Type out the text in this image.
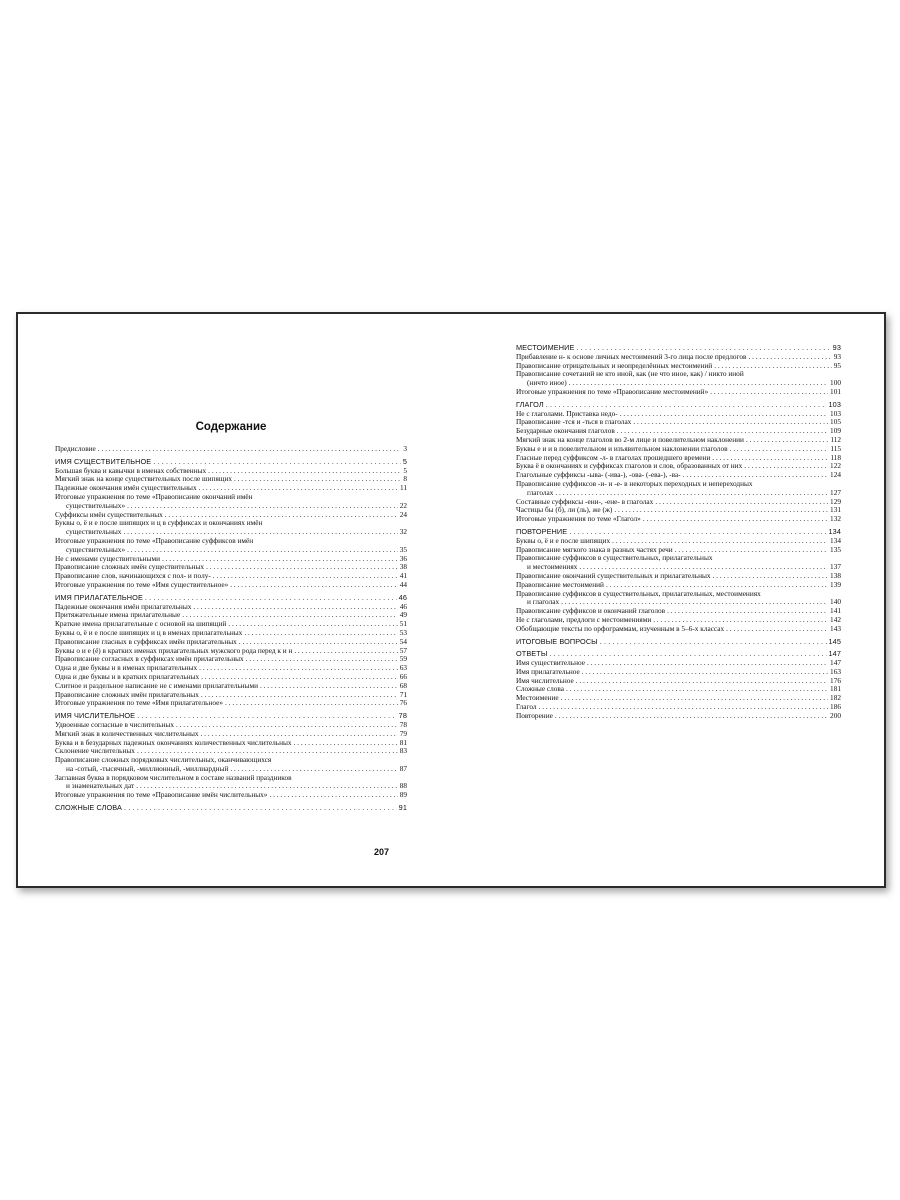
Содержание
Предисловие . . .	3
ИМЯ СУЩЕСТВИТЕЛЬНОЕ . . .	5
Большая буква и кавычки в именах собственных . . .	5
Мягкий знак на конце существительных после шипящих . . .	8
Падежные окончания имён существительных . . .	11
Итоговые упражнения по теме «Правописание окончаний имён
существительных» . . .	22
Суффиксы имён существительных . . .	24
Буквы о, ё и е после шипящих и ц в суффиксах и окончаниях имён
существительных . . .	32
Итоговые упражнения по теме «Правописание суффиксов имён
существительных» . . .	35
Не с именами существительными . . .	36
Правописание сложных имён существительных . . .	38
Правописание слов, начинающихся с пол- и полу- . . .	41
Итоговые упражнения по теме «Имя существительное» . . .	44
ИМЯ ПРИЛАГАТЕЛЬНОЕ . . .	46
Падежные окончания имён прилагательных . . .	46
Притяжательные имена прилагательные . . .	49
Краткие имена прилагательные с основой на шипящий . . .	51
Буквы о, ё и е после шипящих и ц в именах прилагательных . . .	53
Правописание гласных в суффиксах имён прилагательных . . .	54
Буквы о и е (ё) в кратких именах прилагательных мужского рода перед к и н . . .	57
Правописание согласных в суффиксах имён прилагательных . . .	59
Одна и две буквы н в именах прилагательных . . .	63
Одна и две буквы н в кратких прилагательных . . .	66
Слитное и раздельное написание не с именами прилагательными . . .	68
Правописание сложных имён прилагательных . . .	71
Итоговые упражнения по теме «Имя прилагательное» . . .	76
ИМЯ ЧИСЛИТЕЛЬНОЕ . . .	78
Удвоенные согласные в числительных . . .	78
Мягкий знак в количественных числительных . . .	79
Буква и в безударных падежных окончаниях количественных числительных . . .	81
Склонение числительных . . .	83
Правописание сложных порядковых числительных, оканчивающихся
на -сотый, -тысячный, -миллионный, -миллиардный . . .	87
Заглавная буква в порядковом числительном в составе названий праздников
и знаменательных дат . . .	88
Итоговые упражнения по теме «Правописание имён числительных» . . .	89
СЛОЖНЫЕ СЛОВА . . .	91
МЕСТОИМЕНИЕ . . .	93
Прибавление н- к основе личных местоимений 3-го лица после предлогов . . .	93
Правописание отрицательных и неопределённых местоимений . . .	95
Правописание сочетаний не кто иной, как (не что иное, как) / никто иной
(ничто иное) . . .	100
Итоговые упражнения по теме «Правописание местоимений» . . .	101
ГЛАГОЛ . . .	103
Не с глаголами. Приставка недо- . . .	103
Правописание -тся и -ться в глаголах . . .	105
Безударные окончания глаголов . . .	109
Мягкий знак на конце глаголов во 2-м лице и повелительном наклонении . . .	112
Буквы е и и в повелительном и изъявительном наклонении глаголов . . .	115
Гласные перед суффиксом -л- в глаголах прошедшего времени . . .	118
Буква ё в окончаниях и суффиксах глаголов и слов, образованных от них . . .	122
Глагольные суффиксы -ыва- (-ива-), -ова- (-ева-), -ва- . . .	124
Правописание суффиксов -и- и -е- в некоторых переходных и непереходных
глаголах . . .	127
Составные суффиксы -ени-, -ене- в глаголах . . .	129
Частицы бы (б), ли (ль), же (ж) . . .	131
Итоговые упражнения по теме «Глагол» . . .	132
ПОВТОРЕНИЕ . . .	134
Буквы о, ё и е после шипящих . . .	134
Правописание мягкого знака в разных частях речи . . .	135
Правописание суффиксов в существительных, прилагательных
и местоимениях . . .	137
Правописание окончаний существительных и прилагательных . . .	138
Правописание местоимений . . .	139
Правописание суффиксов в существительных, прилагательных, местоимениях
и глаголах . . .	140
Правописание суффиксов и окончаний глаголов . . .	141
Не с глаголами, предлоги с местоимениями . . .	142
Обобщающие тексты по орфограммам, изученным в 5–6-х классах . . .	143
ИТОГОВЫЕ ВОПРОСЫ . . .	145
ОТВЕТЫ . . .	147
Имя существительное . . .	147
Имя прилагательное . . .	163
Имя числительное . . .	176
Сложные слова . . .	181
Местоимение . . .	182
Глагол . . .	186
Повторение . . .	200
207
